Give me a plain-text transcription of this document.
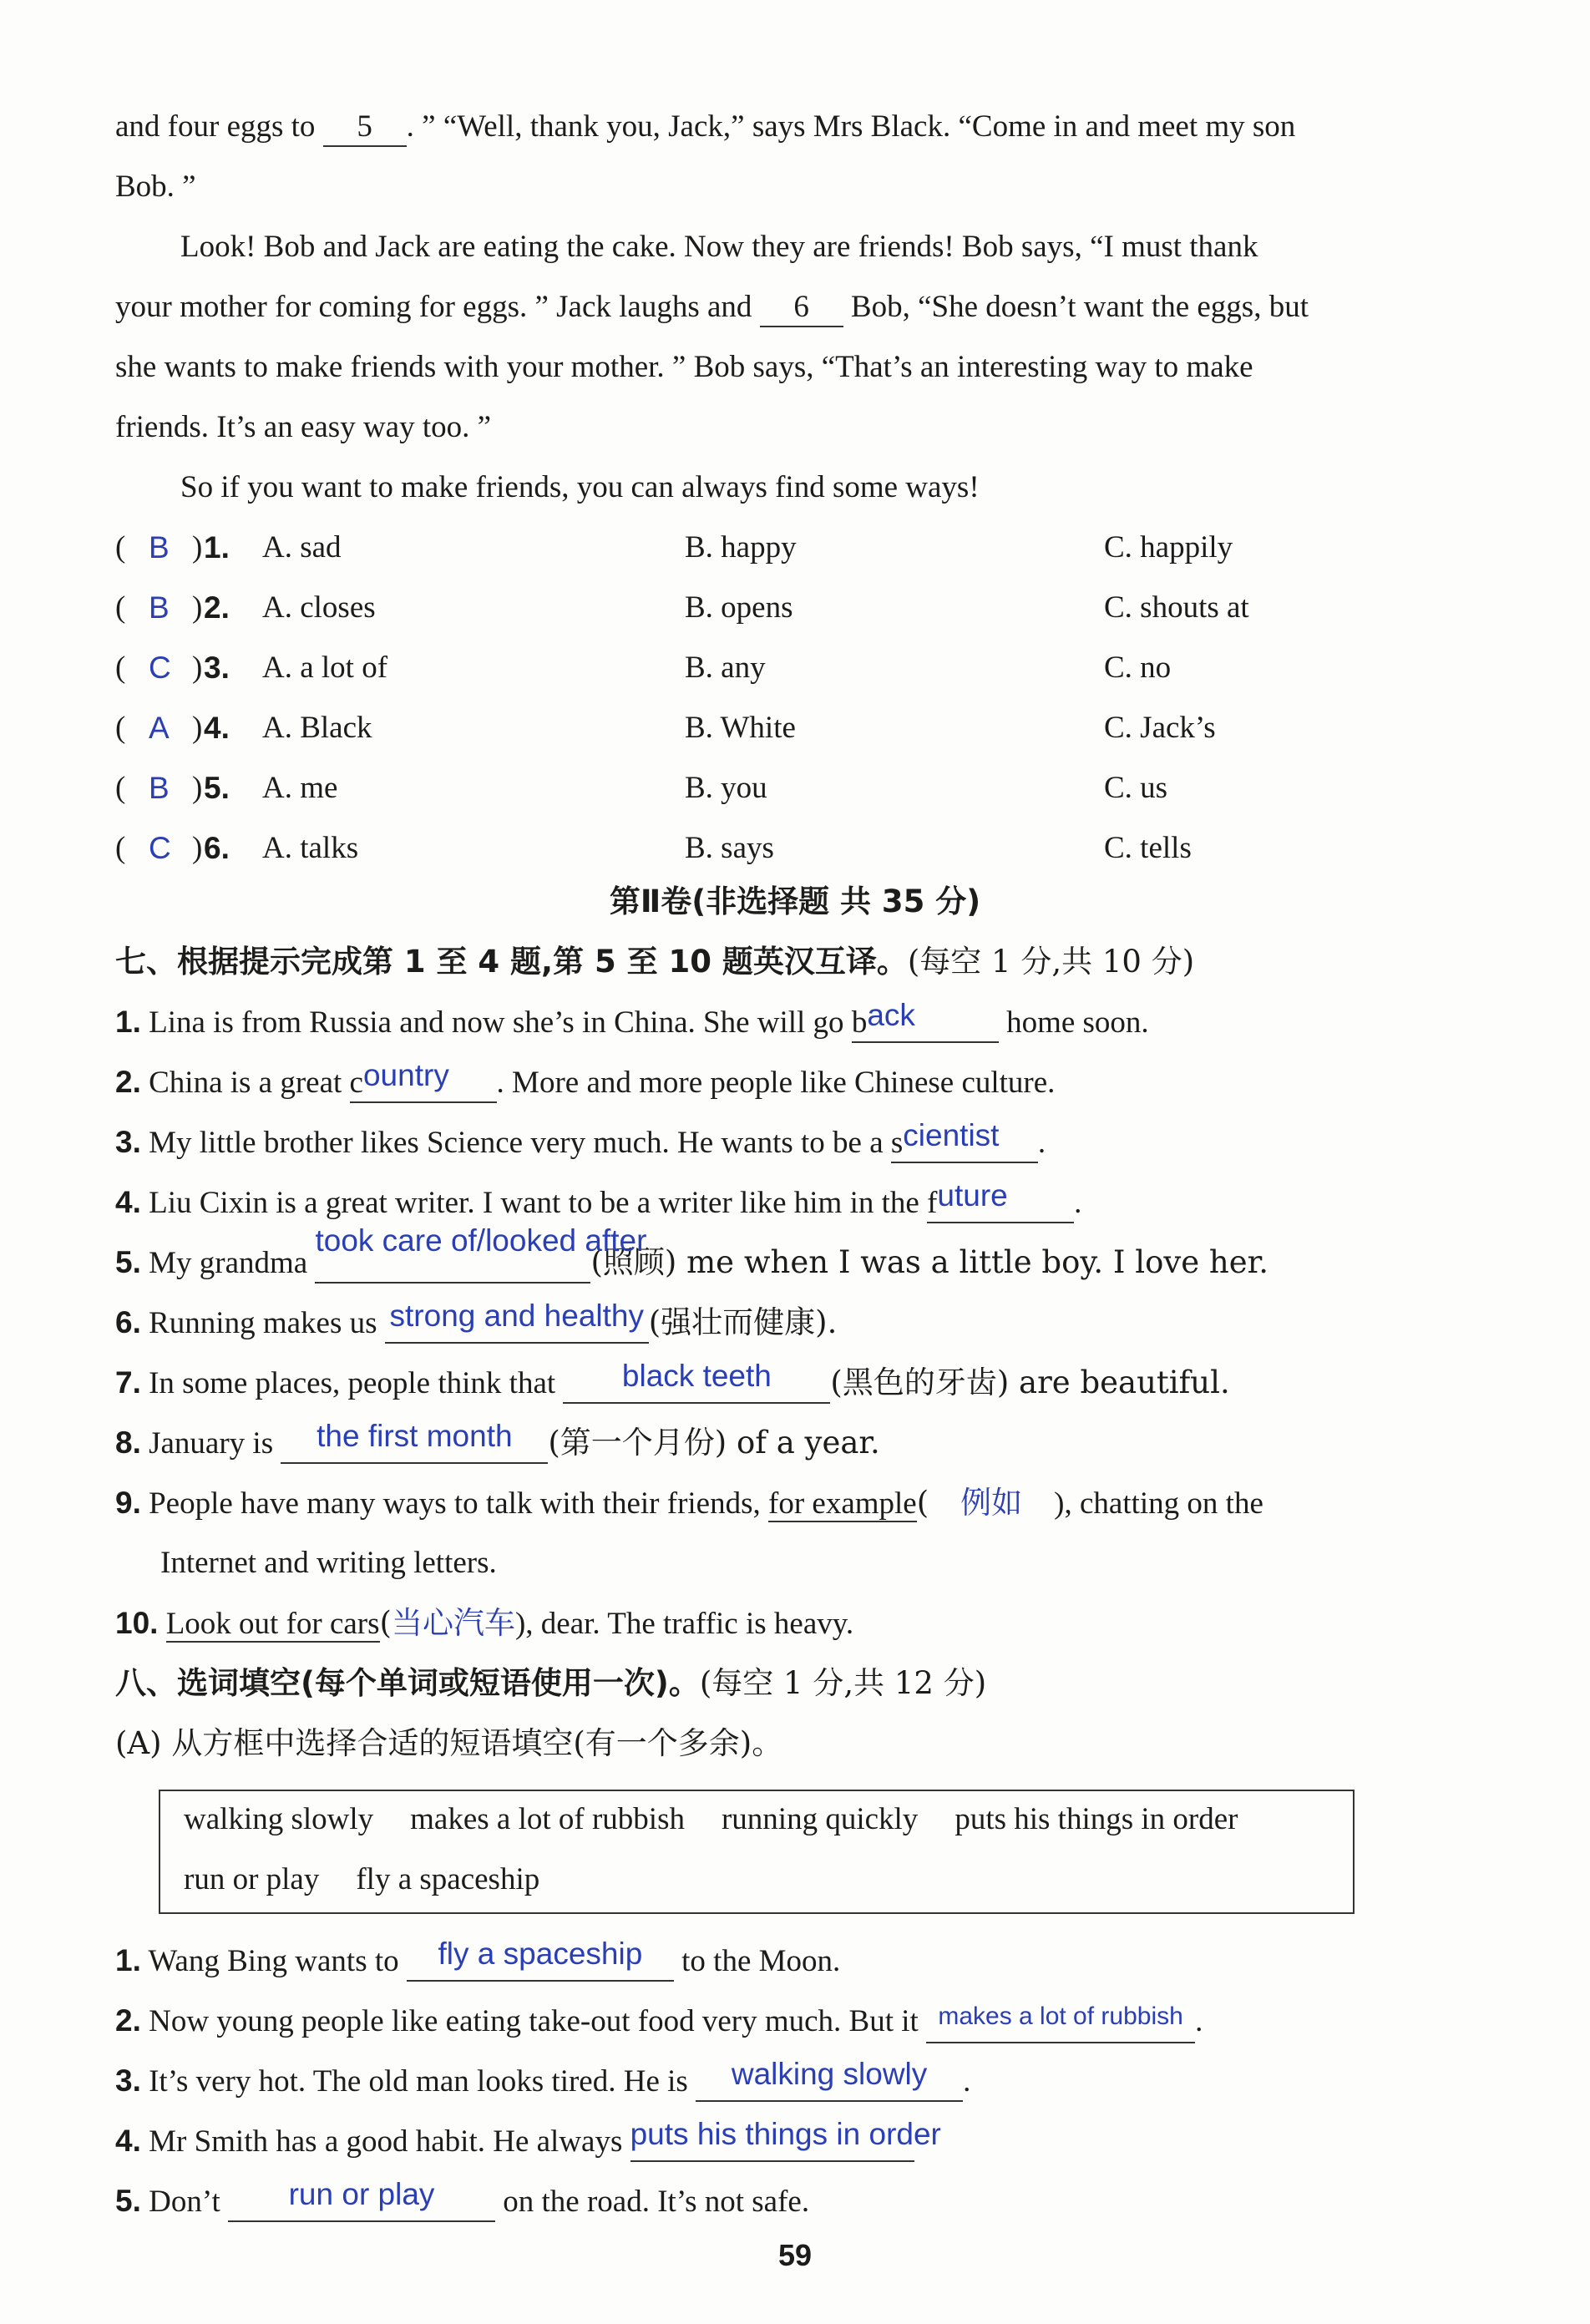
and four eggs to 5 . ” “Well, thank you, Jack,” says Mrs Black. “Come in and meet my son
Bob. ”
Look! Bob and Jack are eating the cake. Now they are friends! Bob says, “I must thank
your mother for coming for eggs. ” Jack laughs and 6 Bob, “She doesn’t want the eggs, but
she wants to make friends with your mother. ” Bob says, “That’s an interesting way to make
friends. It’s an easy way too. ”
So if you want to make friends, you can always find some ways!
( B ) 1. A. sad	B. happy	C. happily
( B ) 2. A. closes	B. opens	C. shouts at
( C ) 3. A. a lot of	B. any	C. no
( A ) 4. A. Black	B. White	C. Jack’s
( B ) 5. A. me	B. you	C. us
( C ) 6. A. talks	B. says	C. tells
第Ⅱ卷(非选择题 共 35 分)
七、根据提示完成第 1 至 4 题,第 5 至 10 题英汉互译。(每空 1 分,共 10 分)
1. Lina is from Russia and now she’s in China. She will go back	home soon.
2. China is a great country . More and more people like Chinese culture.
3. My little brother likes Science very much. He wants to be a scientist .
4. Liu Cixin is a great writer. I want to be a writer like him in the future .
5. My grandma took care of/looked after(照顾) me when I was a little boy. I love her.
6. Running makes us strong and healthy (强壮而健康).
7. In some places, people think that black teeth (黑色的牙齿) are beautiful.
8. January is the first month (第一个月份) of a year.
9. People have many ways to talk with their friends, for example( 例如 ), chatting on the
Internet and writing letters.
10. Look out for cars(当心汽车), dear. The traffic is heavy.
八、选词填空(每个单词或短语使用一次)。(每空 1 分,共 12 分)
(A) 从方框中选择合适的短语填空(有一个多余)。
walking slowly makes a lot of rubbish running quickly puts his things in order
run or play fly a spaceship
1. Wang Bing wants to fly a spaceship to the Moon.
2. Now young people like eating take-out food very much. But it makes a lot of rubbish .
3. It’s very hot. The old man looks tired. He is walking slowly .
4. Mr Smith has a good habit. He always puts his things in order
5. Don’t run or play on the road. It’s not safe.
59
